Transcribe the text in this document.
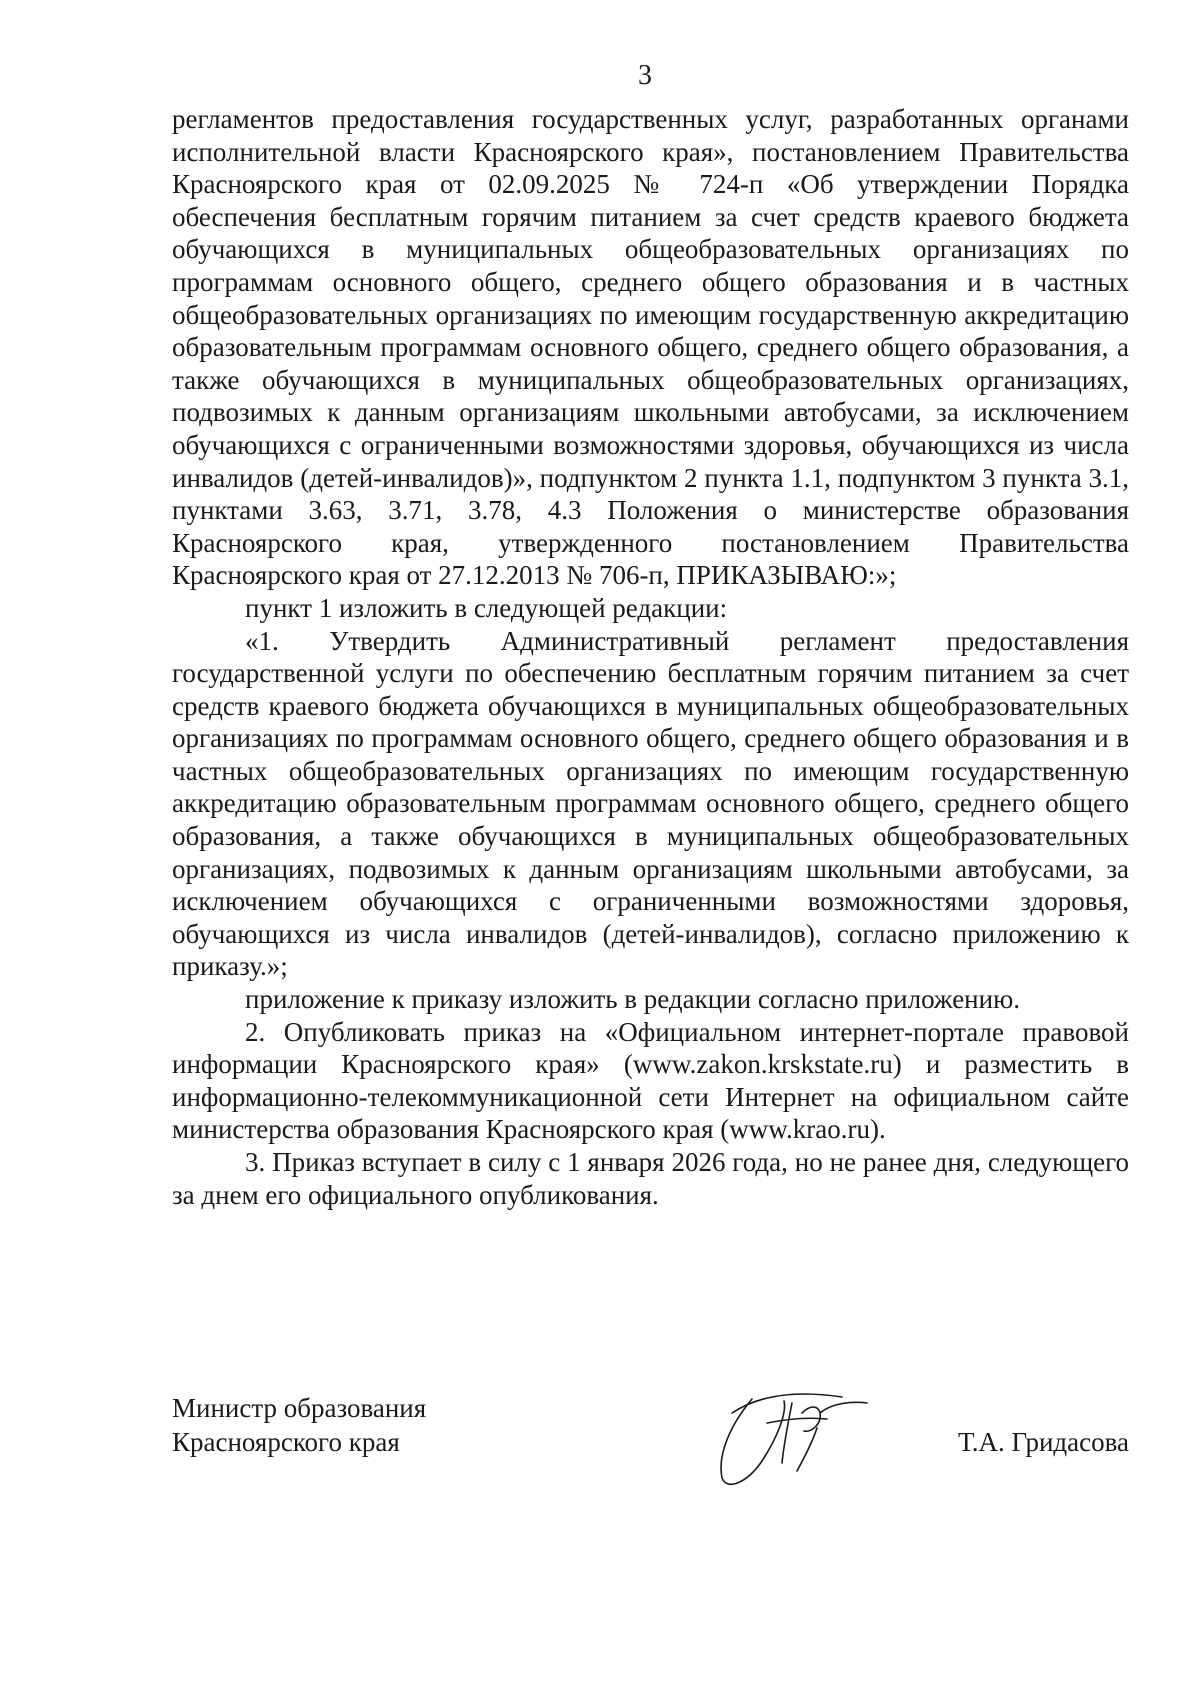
3

регламентов предоставления государственных услуг, разработанных органами исполнительной власти Красноярского края», постановлением Правительства Красноярского края от 02.09.2025 № 724-п «Об утверждении Порядка обеспечения бесплатным горячим питанием за счет средств краевого бюджета обучающихся в муниципальных общеобразовательных организациях по программам основного общего, среднего общего образования и в частных общеобразовательных организациях по имеющим государственную аккредитацию образовательным программам основного общего, среднего общего образования, а также обучающихся в муниципальных общеобразовательных организациях, подвозимых к данным организациям школьными автобусами, за исключением обучающихся с ограниченными возможностями здоровья, обучающихся из числа инвалидов (детей-инвалидов)», подпунктом 2 пункта 1.1, подпунктом 3 пункта 3.1, пунктами 3.63, 3.71, 3.78, 4.3 Положения о министерстве образования Красноярского края, утвержденного постановлением Правительства Красноярского края от 27.12.2013 № 706-п, ПРИКАЗЫВАЮ:»;

пункт 1 изложить в следующей редакции:

«1. Утвердить Административный регламент предоставления государственной услуги по обеспечению бесплатным горячим питанием за счет средств краевого бюджета обучающихся в муниципальных общеобразовательных организациях по программам основного общего, среднего общего образования и в частных общеобразовательных организациях по имеющим государственную аккредитацию образовательным программам основного общего, среднего общего образования, а также обучающихся в муниципальных общеобразовательных организациях, подвозимых к данным организациям школьными автобусами, за исключением обучающихся с ограниченными возможностями здоровья, обучающихся из числа инвалидов (детей-инвалидов), согласно приложению к приказу.»;

приложение к приказу изложить в редакции согласно приложению.

2. Опубликовать приказ на «Официальном интернет-портале правовой информации Красноярского края» (www.zakon.krskstate.ru) и разместить в информационно-телекоммуникационной сети Интернет на официальном сайте министерства образования Красноярского края (www.krao.ru).

3. Приказ вступает в силу с 1 января 2026 года, но не ранее дня, следующего за днем его официального опубликования.

Министр образования
Красноярского края	Т.А. Гридасова
